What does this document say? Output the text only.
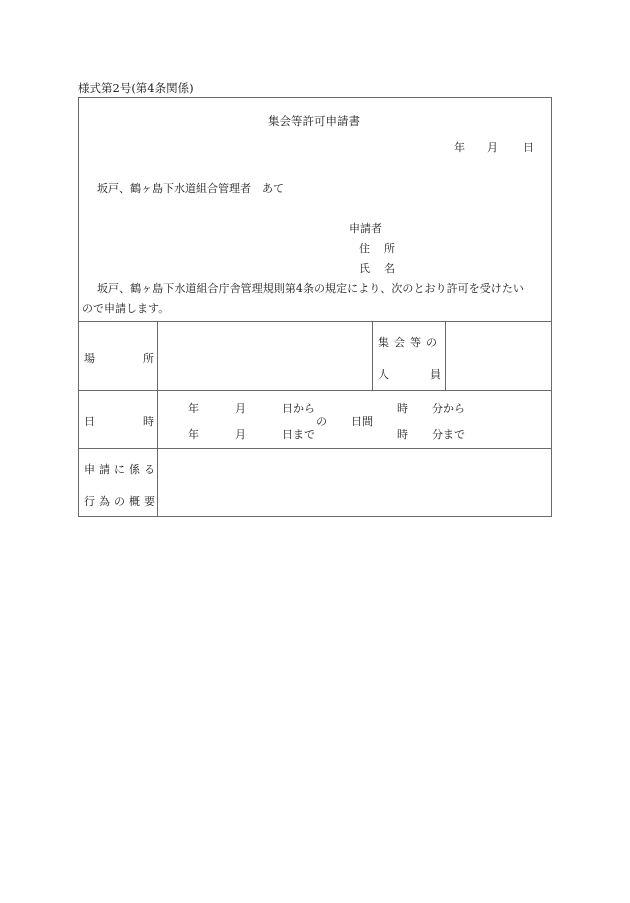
様式第2号(第4条関係)
集会等許可申請書
年 月 日
坂戸、鶴ヶ島下水道組合管理者　あて
申請者
住 所
氏 名
坂戸、鶴ヶ島下水道組合庁舎管理規則第4条の規定により、次のとおり許可を受けたい
ので申請します。
場	所
集会等の
人	員
日	時
年	月	日から	時 分から
の 日間
年	月	日まで	時 分まで
申請に係る
行為の概要
